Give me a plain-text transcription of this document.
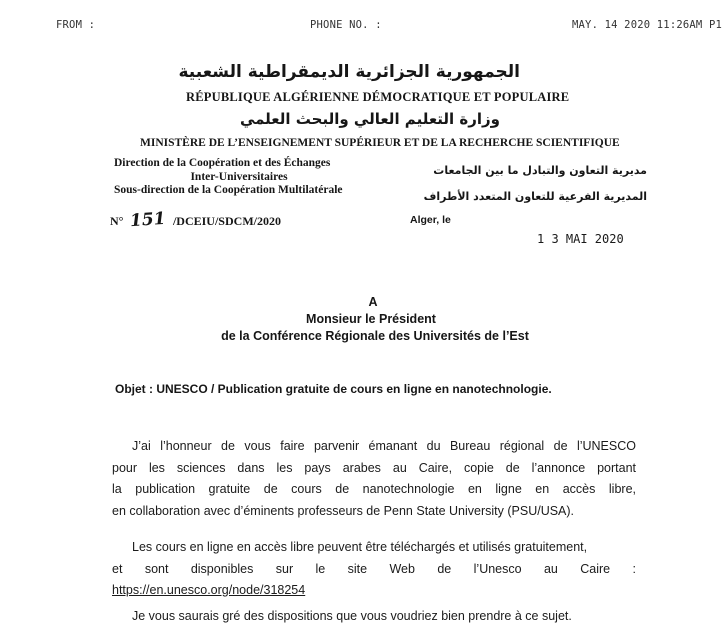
FROM :	PHONE NO. :	MAY. 14 2020 11:26AM P1
الجمهورية الجزائرية الديمقراطية الشعبية
RÉPUBLIQUE ALGÉRIENNE DÉMOCRATIQUE ET POPULAIRE
وزارة التعليم العالي والبحث العلمي
MINISTÈRE DE L’ENSEIGNEMENT SUPÉRIEUR ET DE LA RECHERCHE SCIENTIFIQUE
Direction de la Coopération et des Échanges
Inter-Universitaires
Sous-direction de la Coopération Multilatérale
مديرية التعاون والتبادل ما بين الجامعات
المديرية الفرعية للتعاون المتعدد الأطراف
N° 151 /DCEIU/SDCM/2020	Alger, le
1 3 MAI 2020
A
Monsieur le Président
de la Conférence Régionale des Universités de l’Est
Objet : UNESCO / Publication gratuite de cours en ligne en nanotechnologie.
J’ai l’honneur de vous faire parvenir émanant du Bureau régional de l’UNESCO
pour les sciences dans les pays arabes au Caire, copie de l’annonce portant
la publication gratuite de cours de nanotechnologie en ligne en accès libre,
en collaboration avec d’éminents professeurs de Penn State University (PSU/USA).
Les cours en ligne en accès libre peuvent être téléchargés et utilisés gratuitement,
et sont disponibles sur le site Web de l’Unesco au Caire :
https://en.unesco.org/node/318254
Je vous saurais gré des dispositions que vous voudriez bien prendre à ce sujet.
